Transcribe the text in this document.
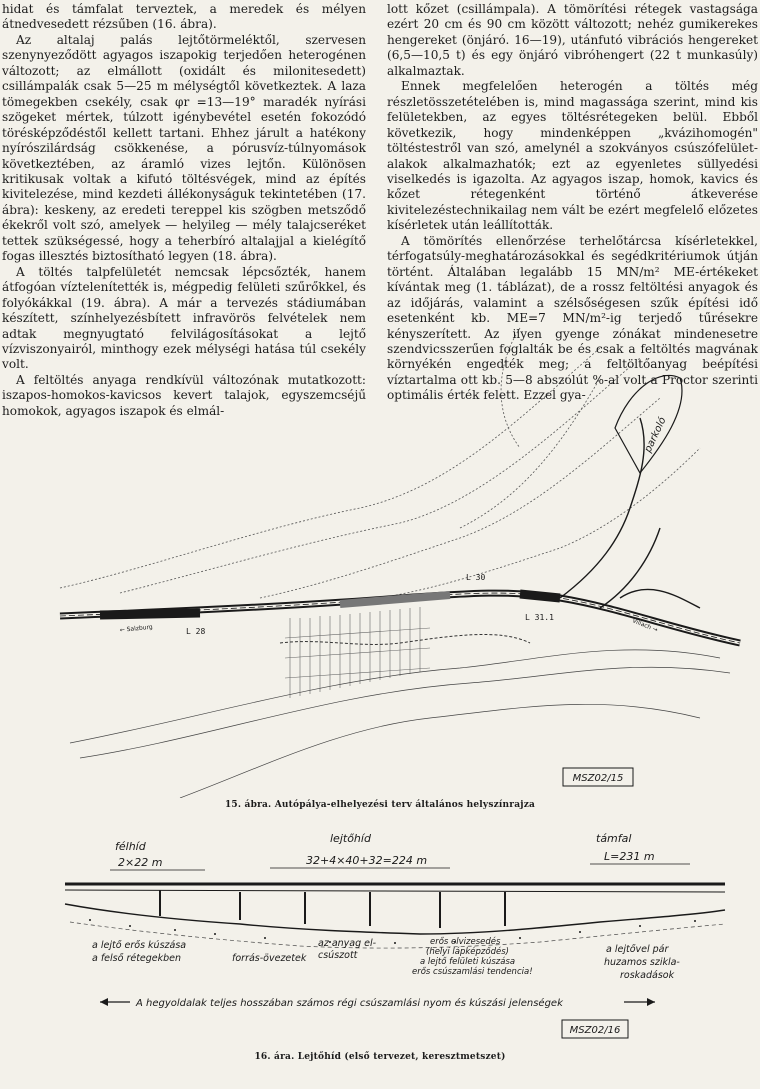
hidat és támfalat terveztek, a meredek és mélyen átnedvesedett rézsűben (16. ábra).

Az altalaj palás lejtőtörmeléktől, szervesen szenynyeződött agyagos iszapokig terjedően heterogénen változott; az elmállott (oxidált és milonitesedett) csillámpalák csak 5—25 m mélységtől következtek. A laza tömegekben csekély, csak φr =13—19° maradék nyírási szögeket mértek, túlzott igénybevétel esetén fokozódó törésképződéstől kellett tartani. Ehhez járult a hatékony nyírószilárdság csökkenése, a pórusvíz-túlnyomások következtében, az áramló vizes lejtőn. Különösen kritikusak voltak a kifutó töltésvégek, mind az építés kivitelezése, mind kezdeti állékonyságuk tekintetében (17. ábra): keskeny, az eredeti tereppel kis szögben metsződő ékekről volt szó, amelyek — helyileg — mély talajcseréket tettek szükségessé, hogy a teherbíró altalajjal a kielégítő fogas illesztés biztosítható legyen (18. ábra).

A töltés talpfelületét nemcsak lépcsőzték, hanem átfogóan víztelenítették is, mégpedig felületi szűrőkkel, és folyókákkal (19. ábra). A már a tervezés stádiumában készített, színhelyezésbített infravörös felvételek nem adtak megnyugtató felvilágosításokat a lejtő vízviszonyairól, minthogy ezek mélységi hatása túl csekély volt.

A feltöltés anyaga rendkívül változónak mutatkozott: iszapos-homokos-kavicsos kevert talajok, egyszemcséjű homokok, agyagos iszapok és elmál-

lott kőzet (csillámpala). A tömörítési rétegek vastagsága ezért 20 cm és 90 cm között változott; nehéz gumikerekes hengereket (önjáró. 16—19), utánfutó vibrációs hengereket (6,5—10,5 t) és egy önjáró vibróhengert (22 t munkasúly) alkalmaztak.

Ennek megfelelően heterogén a töltés még részletösszetételében is, mind magassága szerint, mind kis felületekben, az egyes töltésrétegeken belül. Ebből következik, hogy mindenképpen „kvázihomogén" töltéstestről van szó, amelynél a szokványos csúszófelület-alakok alkalmazhatók; ezt az egyenletes süllyedési viselkedés is igazolta. Az agyagos iszap, homok, kavics és kőzet rétegenként történő átkeverése kivitelezéstechnikailag nem vált be ezért megfelelő előzetes kísérletek után leállították.

A tömörítés ellenőrzése terhelőtárcsa kísérletekkel, térfogatsúly-meghatározásokkal és segédkritériumok útján történt. Általában legalább 15 MN/m² ME-értékeket kívántak meg (1. táblázat), de a rossz feltöltési anyagok és az időjárás, valamint a szélsőségesen szűk építési idő esetenként kb. ME=7 MN/m²-ig terjedő tűrésekre kényszerített. Az ilyen gyenge zónákat mindenesetre szendvicsszerűen foglalták be és csak a feltöltés magvának környékén engedték meg; a feltöltőanyag beépítési víztartalma ott kb. 5—8 abszolút %-al volt a Proctor szerinti optimális érték felett. Ezzel gya-

L 28
L 30
L 31.1
parkoló
← Salzburg	Villach →
MSZ02/15
15. ábra. Autópálya-elhelyezési terv általános helyszínrajza
félhíd
2×22 m
lejtőhíd
32+4×40+32=224 m
támfal
L=231 m
a lejtő erős kúszása
a felső rétegekben	forrás-övezetek
az anyag el-
csúszott
erős elvizesedés
(helyi lápképződés)
a lejtő felületi kúszása
erős csúszamlási tendencia!
a lejtővel pár
huzamos szikla-
roskadások
A hegyoldalak teljes hosszában számos régi csúszamlási nyom és kúszási jelenségek
MSZ02/16
16. ára. Lejtőhíd (első tervezet, keresztmetszet)
